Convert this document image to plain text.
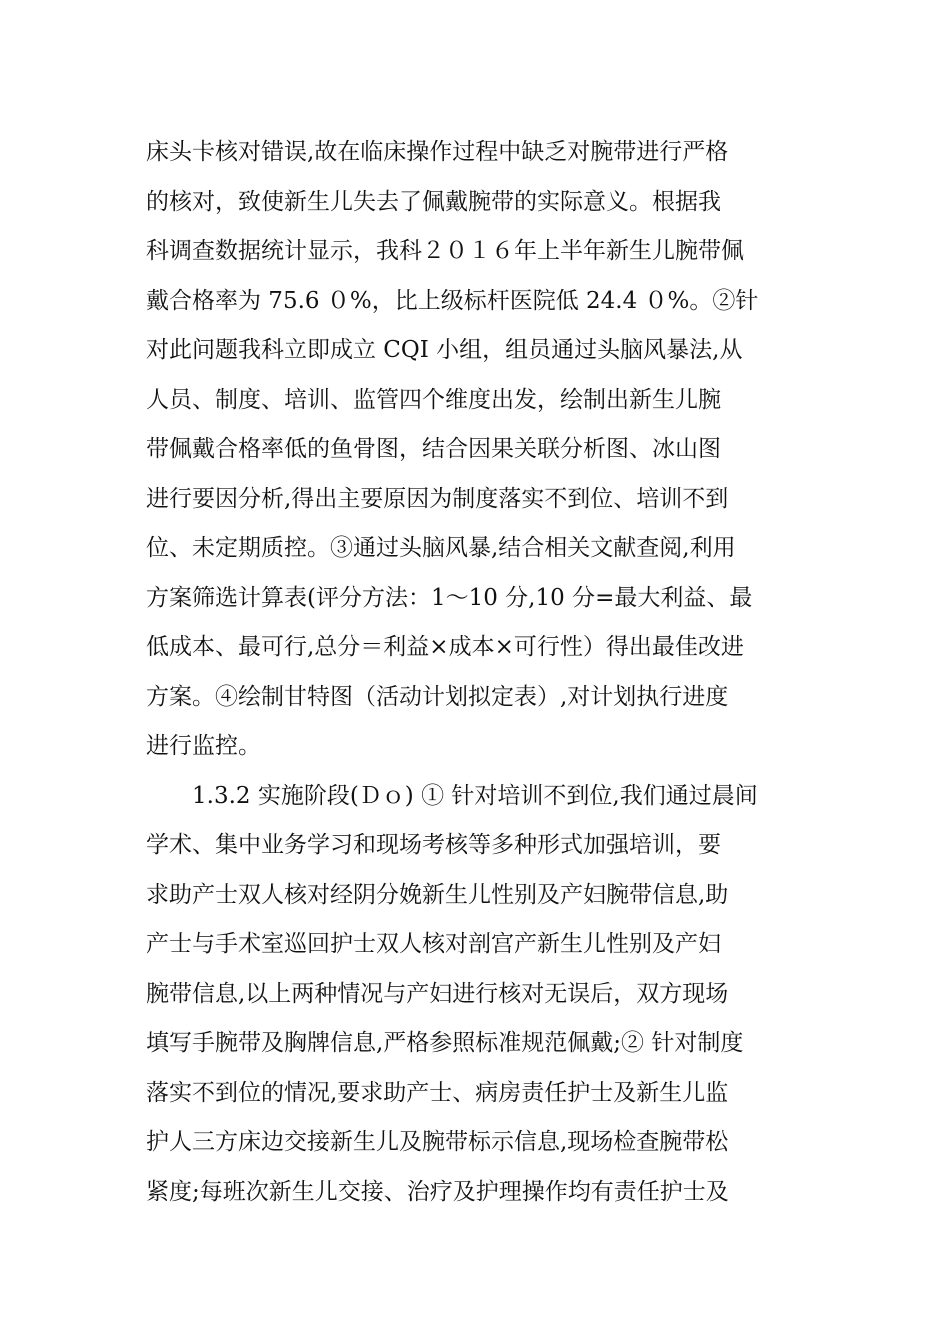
床头卡核对错误,故在临床操作过程中缺乏对腕带进行严格
的核对，致使新生儿失去了佩戴腕带的实际意义。根据我
科调查数据统计显示，我科２０１６年上半年新生儿腕带佩
戴合格率为 75.6 ０%，比上级标杆医院低 24.4 ０%。②针
对此问题我科立即成立 CQI 小组，组员通过头脑风暴法,从
人员、制度、培训、监管四个维度出发，绘制出新生儿腕
带佩戴合格率低的鱼骨图，结合因果关联分析图、冰山图
进行要因分析,得出主要原因为制度落实不到位、培训不到
位、未定期质控。③通过头脑风暴,结合相关文献查阅,利用
方案筛选计算表(评分方法：1～10 分,10 分=最大利益、最
低成本、最可行,总分＝利益×成本×可行性）得出最佳改进
方案。④绘制甘特图（活动计划拟定表）,对计划执行进度
进行监控。
1.3.2 实施阶段(Ｄｏ) ① 针对培训不到位,我们通过晨间
学术、集中业务学习和现场考核等多种形式加强培训，要
求助产士双人核对经阴分娩新生儿性别及产妇腕带信息,助
产士与手术室巡回护士双人核对剖宫产新生儿性别及产妇
腕带信息,以上两种情况与产妇进行核对无误后，双方现场
填写手腕带及胸牌信息,严格参照标准规范佩戴;② 针对制度
落实不到位的情况,要求助产士、病房责任护士及新生儿监
护人三方床边交接新生儿及腕带标示信息,现场检查腕带松
紧度;每班次新生儿交接、治疗及护理操作均有责任护士及
